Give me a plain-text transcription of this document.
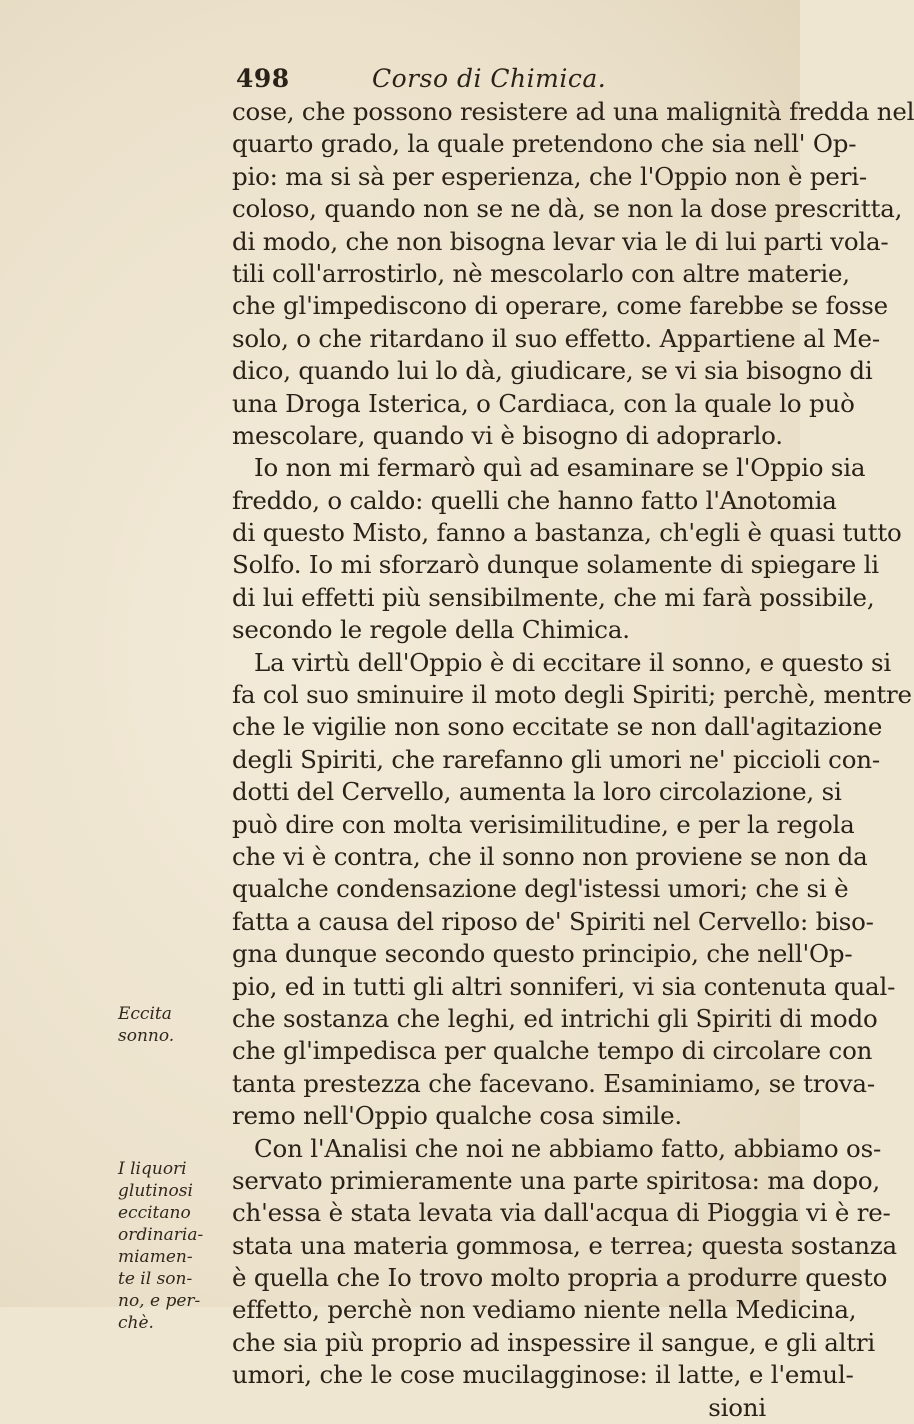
498	Corso di Chimica.
cose, che possono resistere ad una malignità fredda nel
quarto grado, la quale pretendono che sia nell' Op-
pio: ma si sà per esperienza, che l'Oppio non è peri-
coloso, quando non se ne dà, se non la dose prescritta,
di modo, che non bisogna levar via le di lui parti vola-
tili coll'arrostirlo, nè mescolarlo con altre materie,
che gl'impediscono di operare, come farebbe se fosse
solo, o che ritardano il suo effetto. Appartiene al Me-
dico, quando lui lo dà, giudicare, se vi sia bisogno di
una Droga Isterica, o Cardiaca, con la quale lo può
mescolare, quando vi è bisogno di adoprarlo.
Io non mi fermarò quì ad esaminare se l'Oppio sia
freddo, o caldo: quelli che hanno fatto l'Anotomia
di questo Misto, fanno a bastanza, ch'egli è quasi tutto
Solfo. Io mi sforzarò dunque solamente di spiegare li
di lui effetti più sensibilmente, che mi farà possibile,
secondo le regole della Chimica.
La virtù dell'Oppio è di eccitare il sonno, e questo si
fa col suo sminuire il moto degli Spiriti; perchè, mentre
che le vigilie non sono eccitate se non dall'agitazione
degli Spiriti, che rarefanno gli umori ne' piccioli con-
dotti del Cervello, aumenta la loro circolazione, si
può dire con molta verisimilitudine, e per la regola
che vi è contra, che il sonno non proviene se non da
qualche condensazione degl'istessi umori; che si è
fatta a causa del riposo de' Spiriti nel Cervello: biso-
gna dunque secondo questo principio, che nell'Op-
pio, ed in tutti gli altri sonniferi, vi sia contenuta qual-
che sostanza che leghi, ed intrichi gli Spiriti di modo
che gl'impedisca per qualche tempo di circolare con
tanta prestezza che facevano. Esaminiamo, se trova-
remo nell'Oppio qualche cosa simile.
Con l'Analisi che noi ne abbiamo fatto, abbiamo os-
servato primieramente una parte spiritosa: ma dopo,
ch'essa è stata levata via dall'acqua di Pioggia vi è re-
stata una materia gommosa, e terrea; questa sostanza
è quella che Io trovo molto propria a produrre questo
effetto, perchè non vediamo niente nella Medicina,
che sia più proprio ad inspessire il sangue, e gli altri
umori, che le cose mucilagginose: il latte, e l'emul-
sioni
Eccita
sonno.
I liquori
glutinosi
eccitano
ordinaria-
miamen-
te il son-
no, e per-
chè.
